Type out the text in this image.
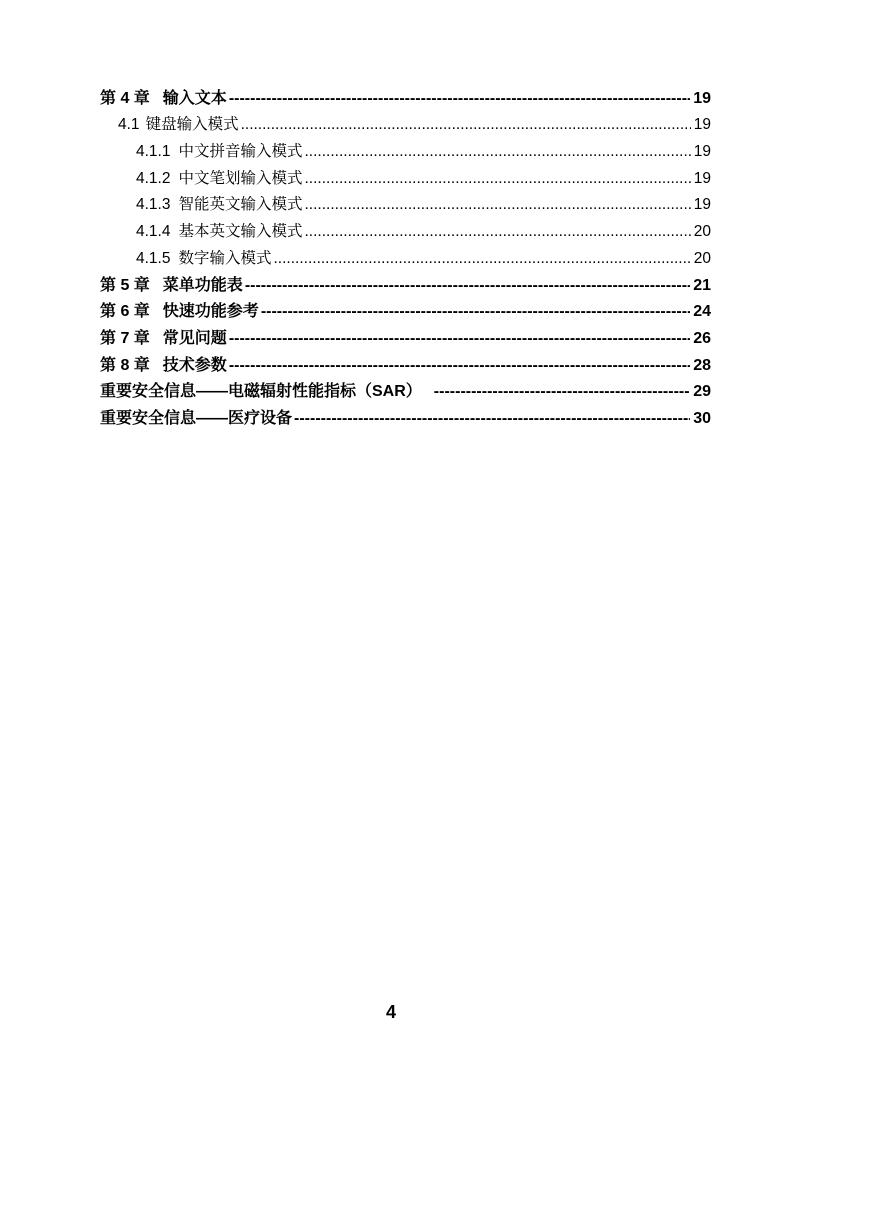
第 4 章 输入文本 -----	19
4.1 键盘输入模式 .....	19
4.1.1 中文拼音输入模式 .....	19
4.1.2 中文笔划输入模式 .....	19
4.1.3 智能英文输入模式 .....	19
4.1.4 基本英文输入模式 .....	20
4.1.5 数字输入模式 .....	20
第 5 章 菜单功能表 -----	21
第 6 章 快速功能参考 -----	24
第 7 章 常见问题 -----	26
第 8 章 技术参数 -----	28
重要安全信息——电磁辐射性能指标（SAR） -----	29
重要安全信息——医疗设备 -----	30
4
